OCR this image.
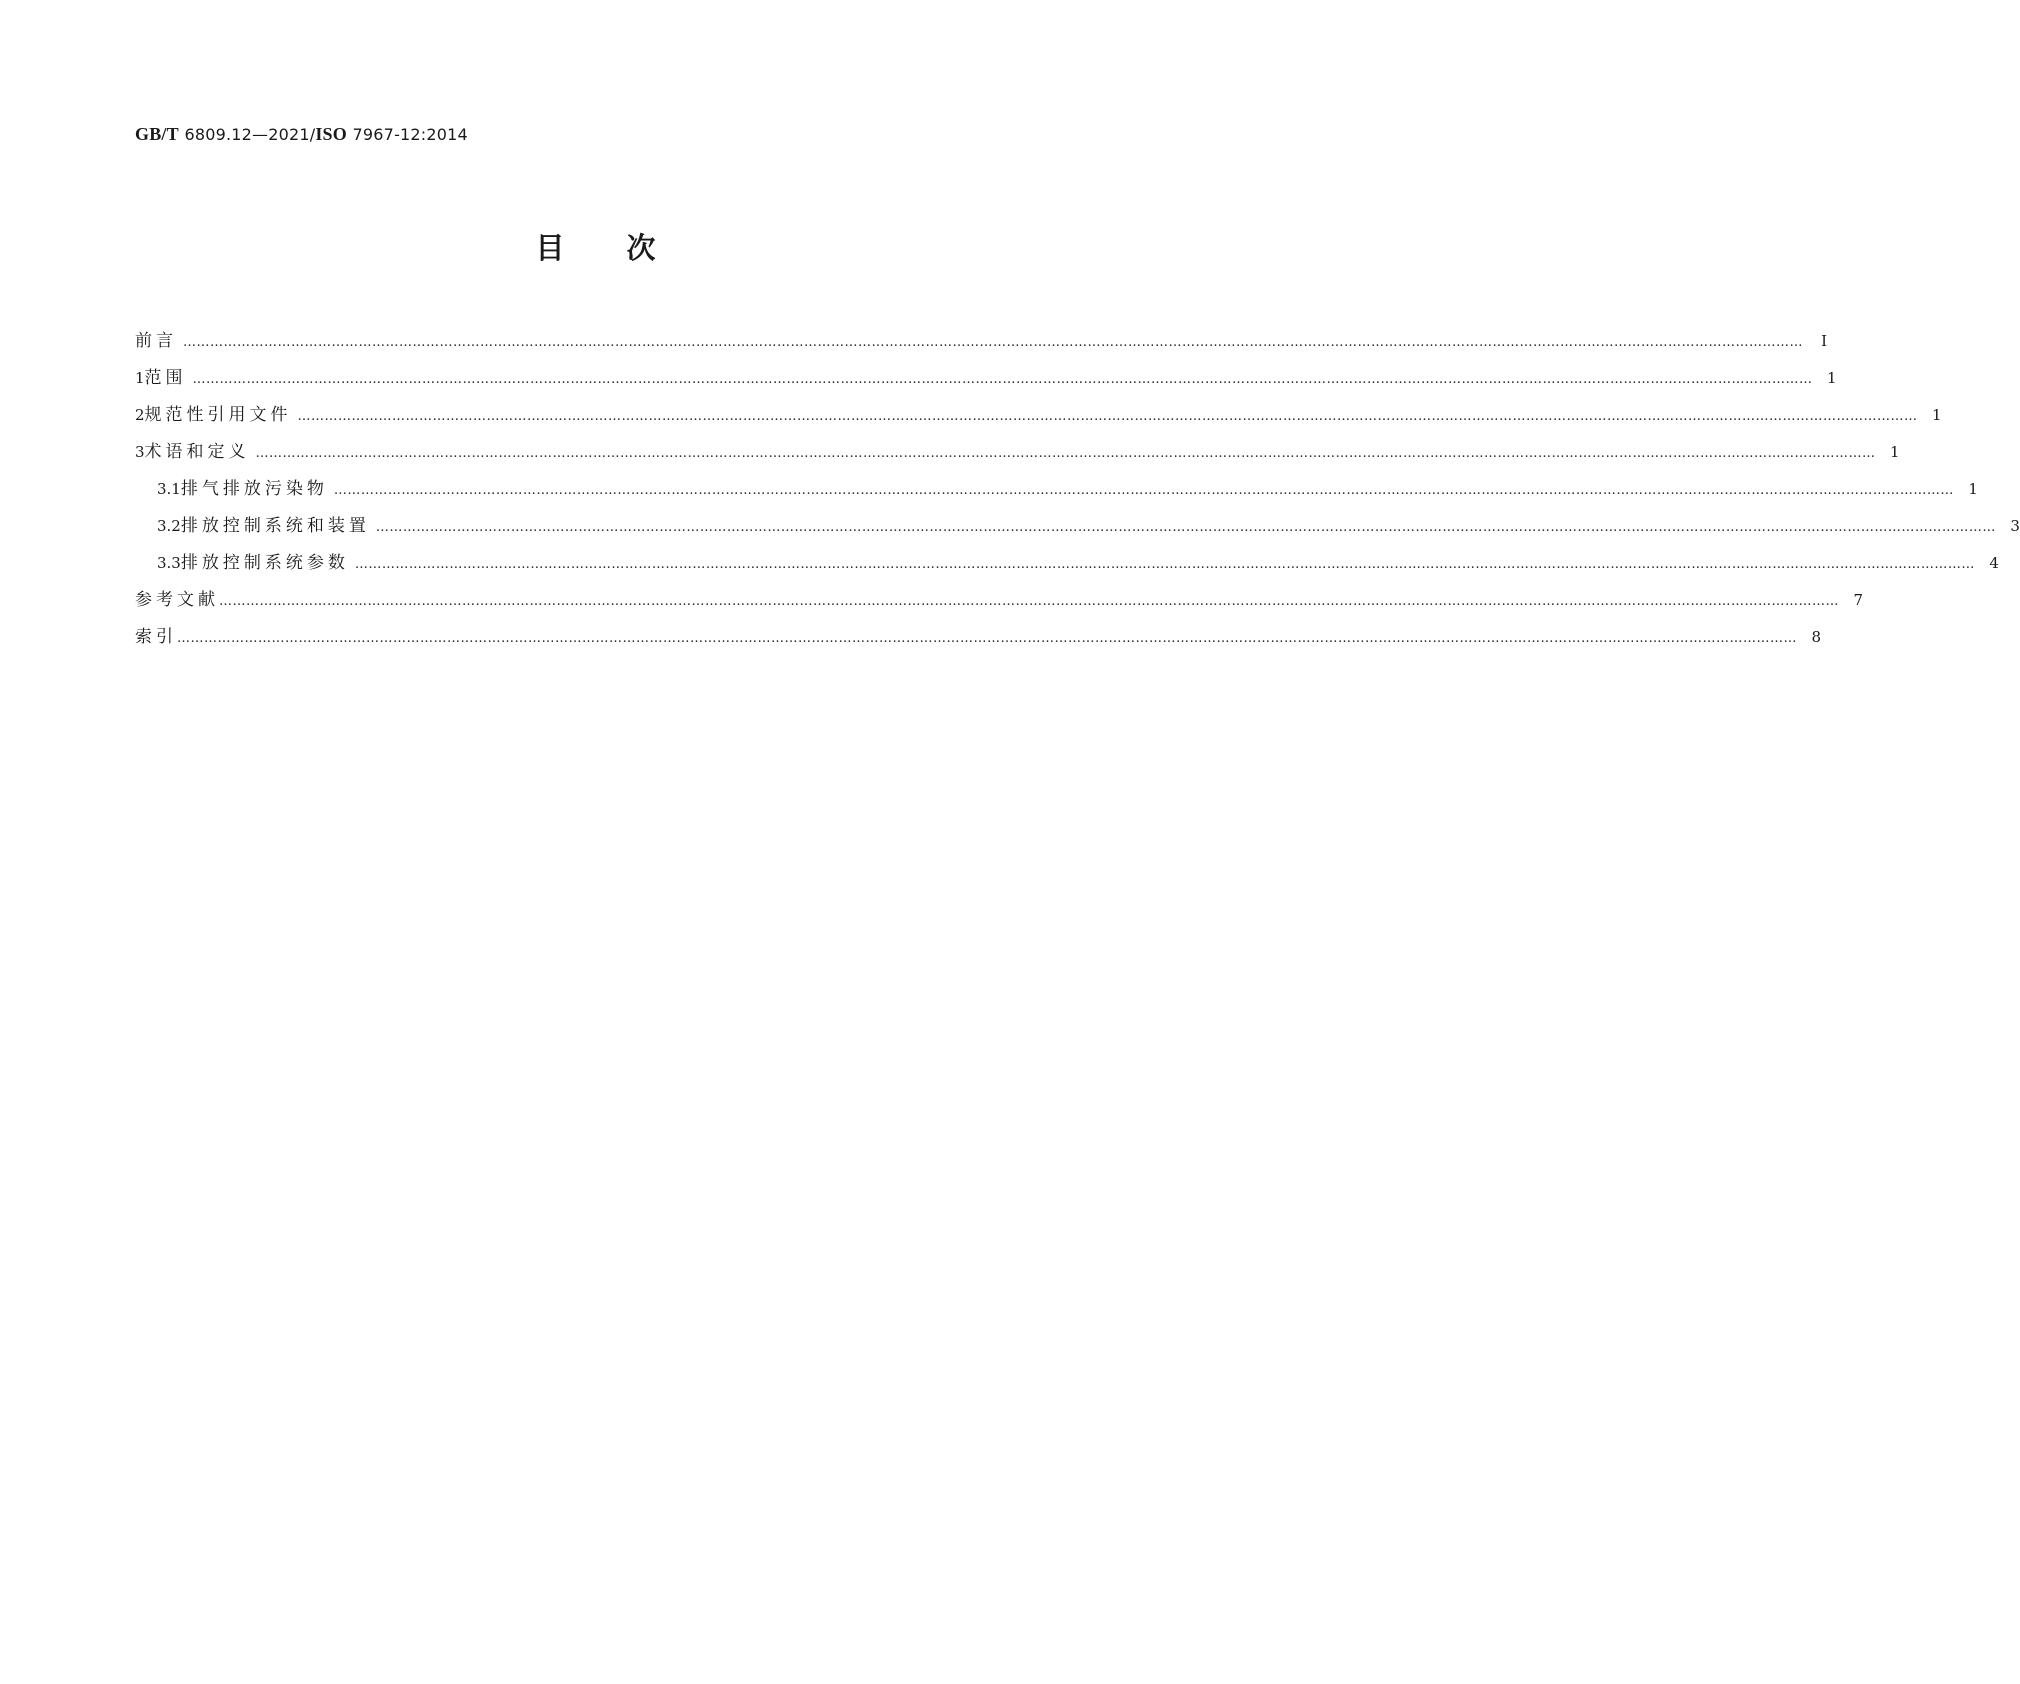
GB/T 6809.12—2021/ISO 7967-12:2014
目次
前言 ………………………………………………………………………………………………………………………………………………………………………………………………………………………………………………………………………………………………………………………………	Ⅰ
1 范围 ……………………………………………………………………………………………………………………………………………………………………………………………………………………………………………………………………………………………………………………………… 1
2 规范性引用文件 ……………………………………………………………………………………………………………………………………………………………………………………………………………………………………………………………………………………………………………………………… 1
3 术语和定义 ……………………………………………………………………………………………………………………………………………………………………………………………………………………………………………………………………………………………………………………………… 1
3.1 排气排放污染物 ……………………………………………………………………………………………………………………………………………………………………………………………………………………………………………………………………………………………………………………………… 1
3.2 排放控制系统和装置 ……………………………………………………………………………………………………………………………………………………………………………………………………………………………………………………………………………………………………………………………… 3
3.3 排放控制系统参数 ……………………………………………………………………………………………………………………………………………………………………………………………………………………………………………………………………………………………………………………………… 4
参考文献 ……………………………………………………………………………………………………………………………………………………………………………………………………………………………………………………………………………………………………………………………… 7
索引 ……………………………………………………………………………………………………………………………………………………………………………………………………………………………………………………………………………………………………………………………… 8
